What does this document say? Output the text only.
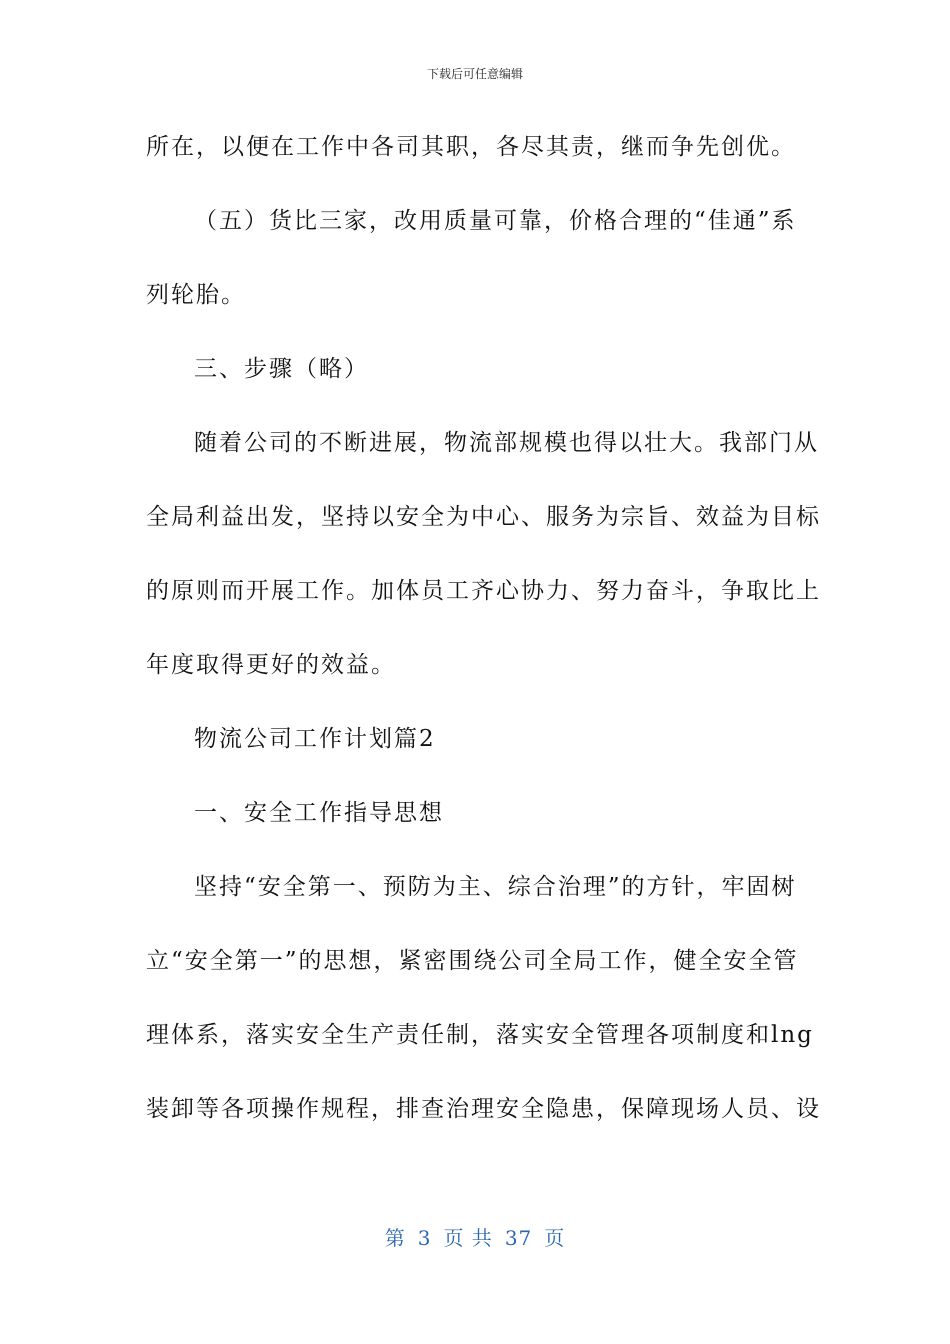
下载后可任意编辑
所在，以便在工作中各司其职，各尽其责，继而争先创优。
（五）货比三家，改用质量可靠，价格合理的“佳通”系
列轮胎。
三、步骤（略）
随着公司的不断进展，物流部规模也得以壮大。我部门从
全局利益出发，坚持以安全为中心、服务为宗旨、效益为目标
的原则而开展工作。加体员工齐心协力、努力奋斗，争取比上
年度取得更好的效益。
物流公司工作计划篇2
一、安全工作指导思想
坚持“安全第一、预防为主、综合治理”的方针，牢固树
立“安全第一”的思想，紧密围绕公司全局工作，健全安全管
理体系，落实安全生产责任制，落实安全管理各项制度和lng
装卸等各项操作规程，排查治理安全隐患，保障现场人员、设
第 3 页 共 37 页
